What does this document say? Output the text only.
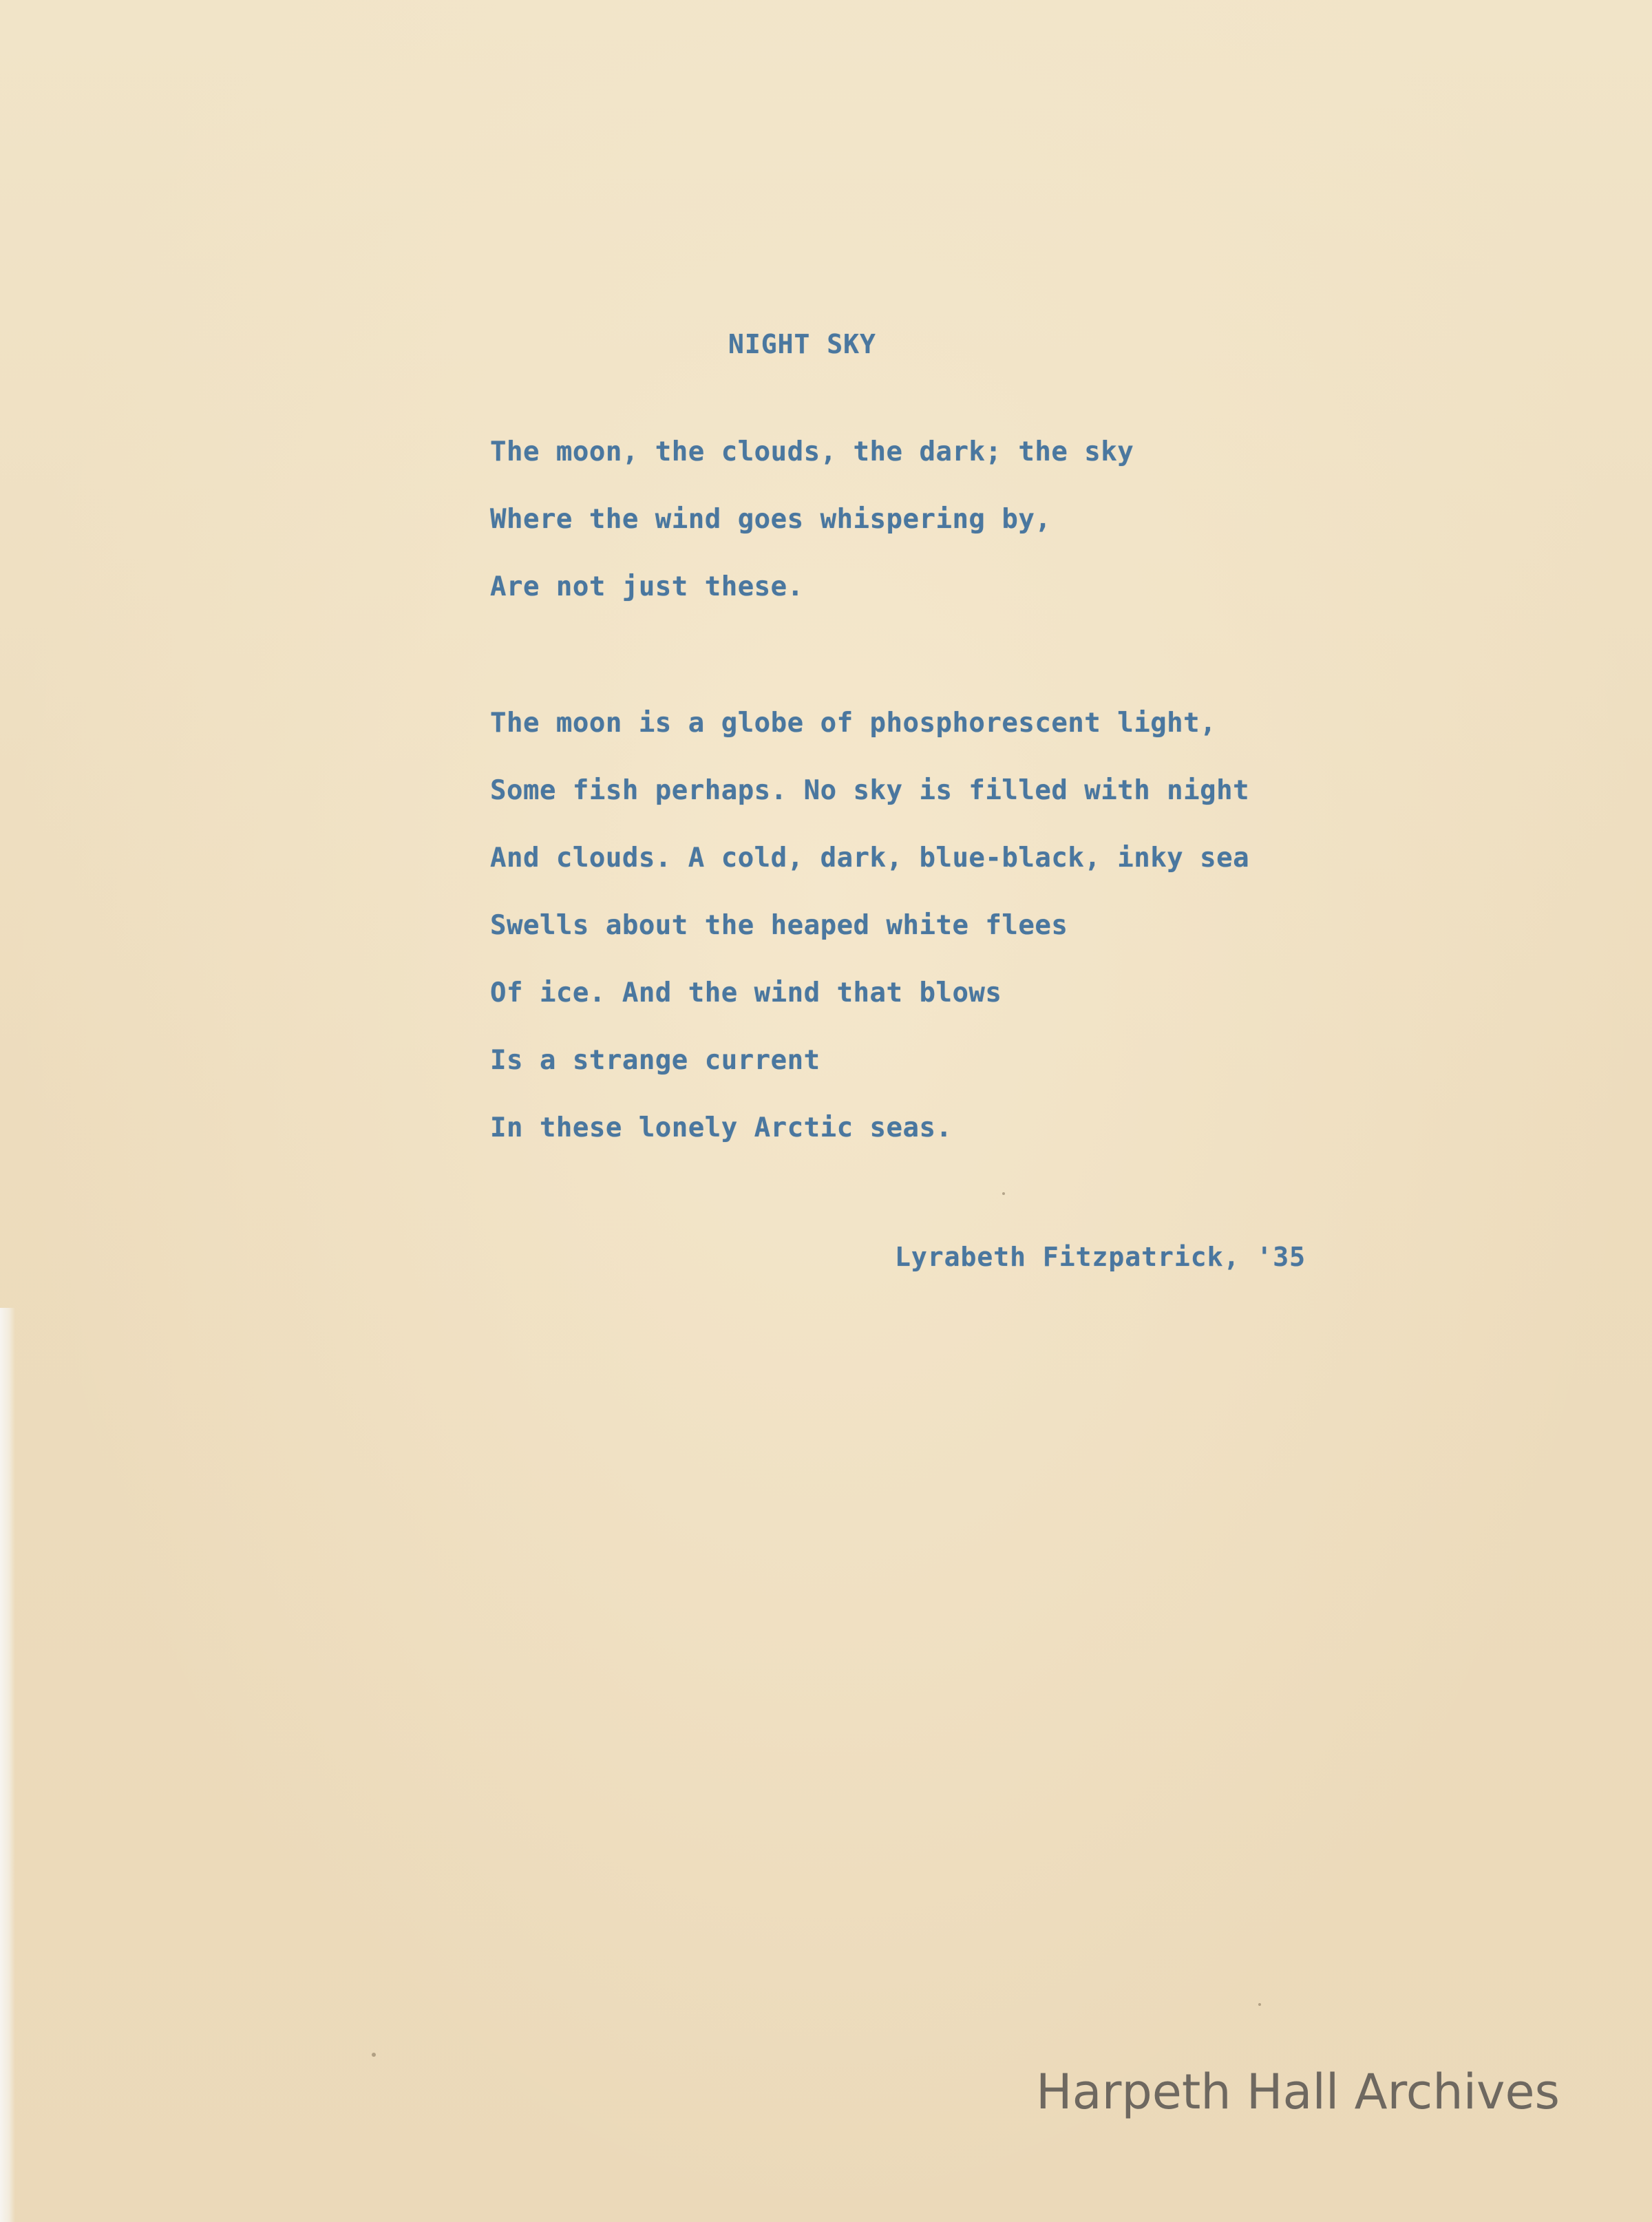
NIGHT SKY

The moon, the clouds, the dark; the sky
Where the wind goes whispering by,
Are not just these.
The moon is a globe of phosphorescent light,
Some fish perhaps. No sky is filled with night
And clouds. A cold, dark, blue-black, inky sea
Swells about the heaped white flees
Of ice. And the wind that blows
Is a strange current
In these lonely Arctic seas.

Lyrabeth Fitzpatrick, '35

Harpeth Hall Archives
